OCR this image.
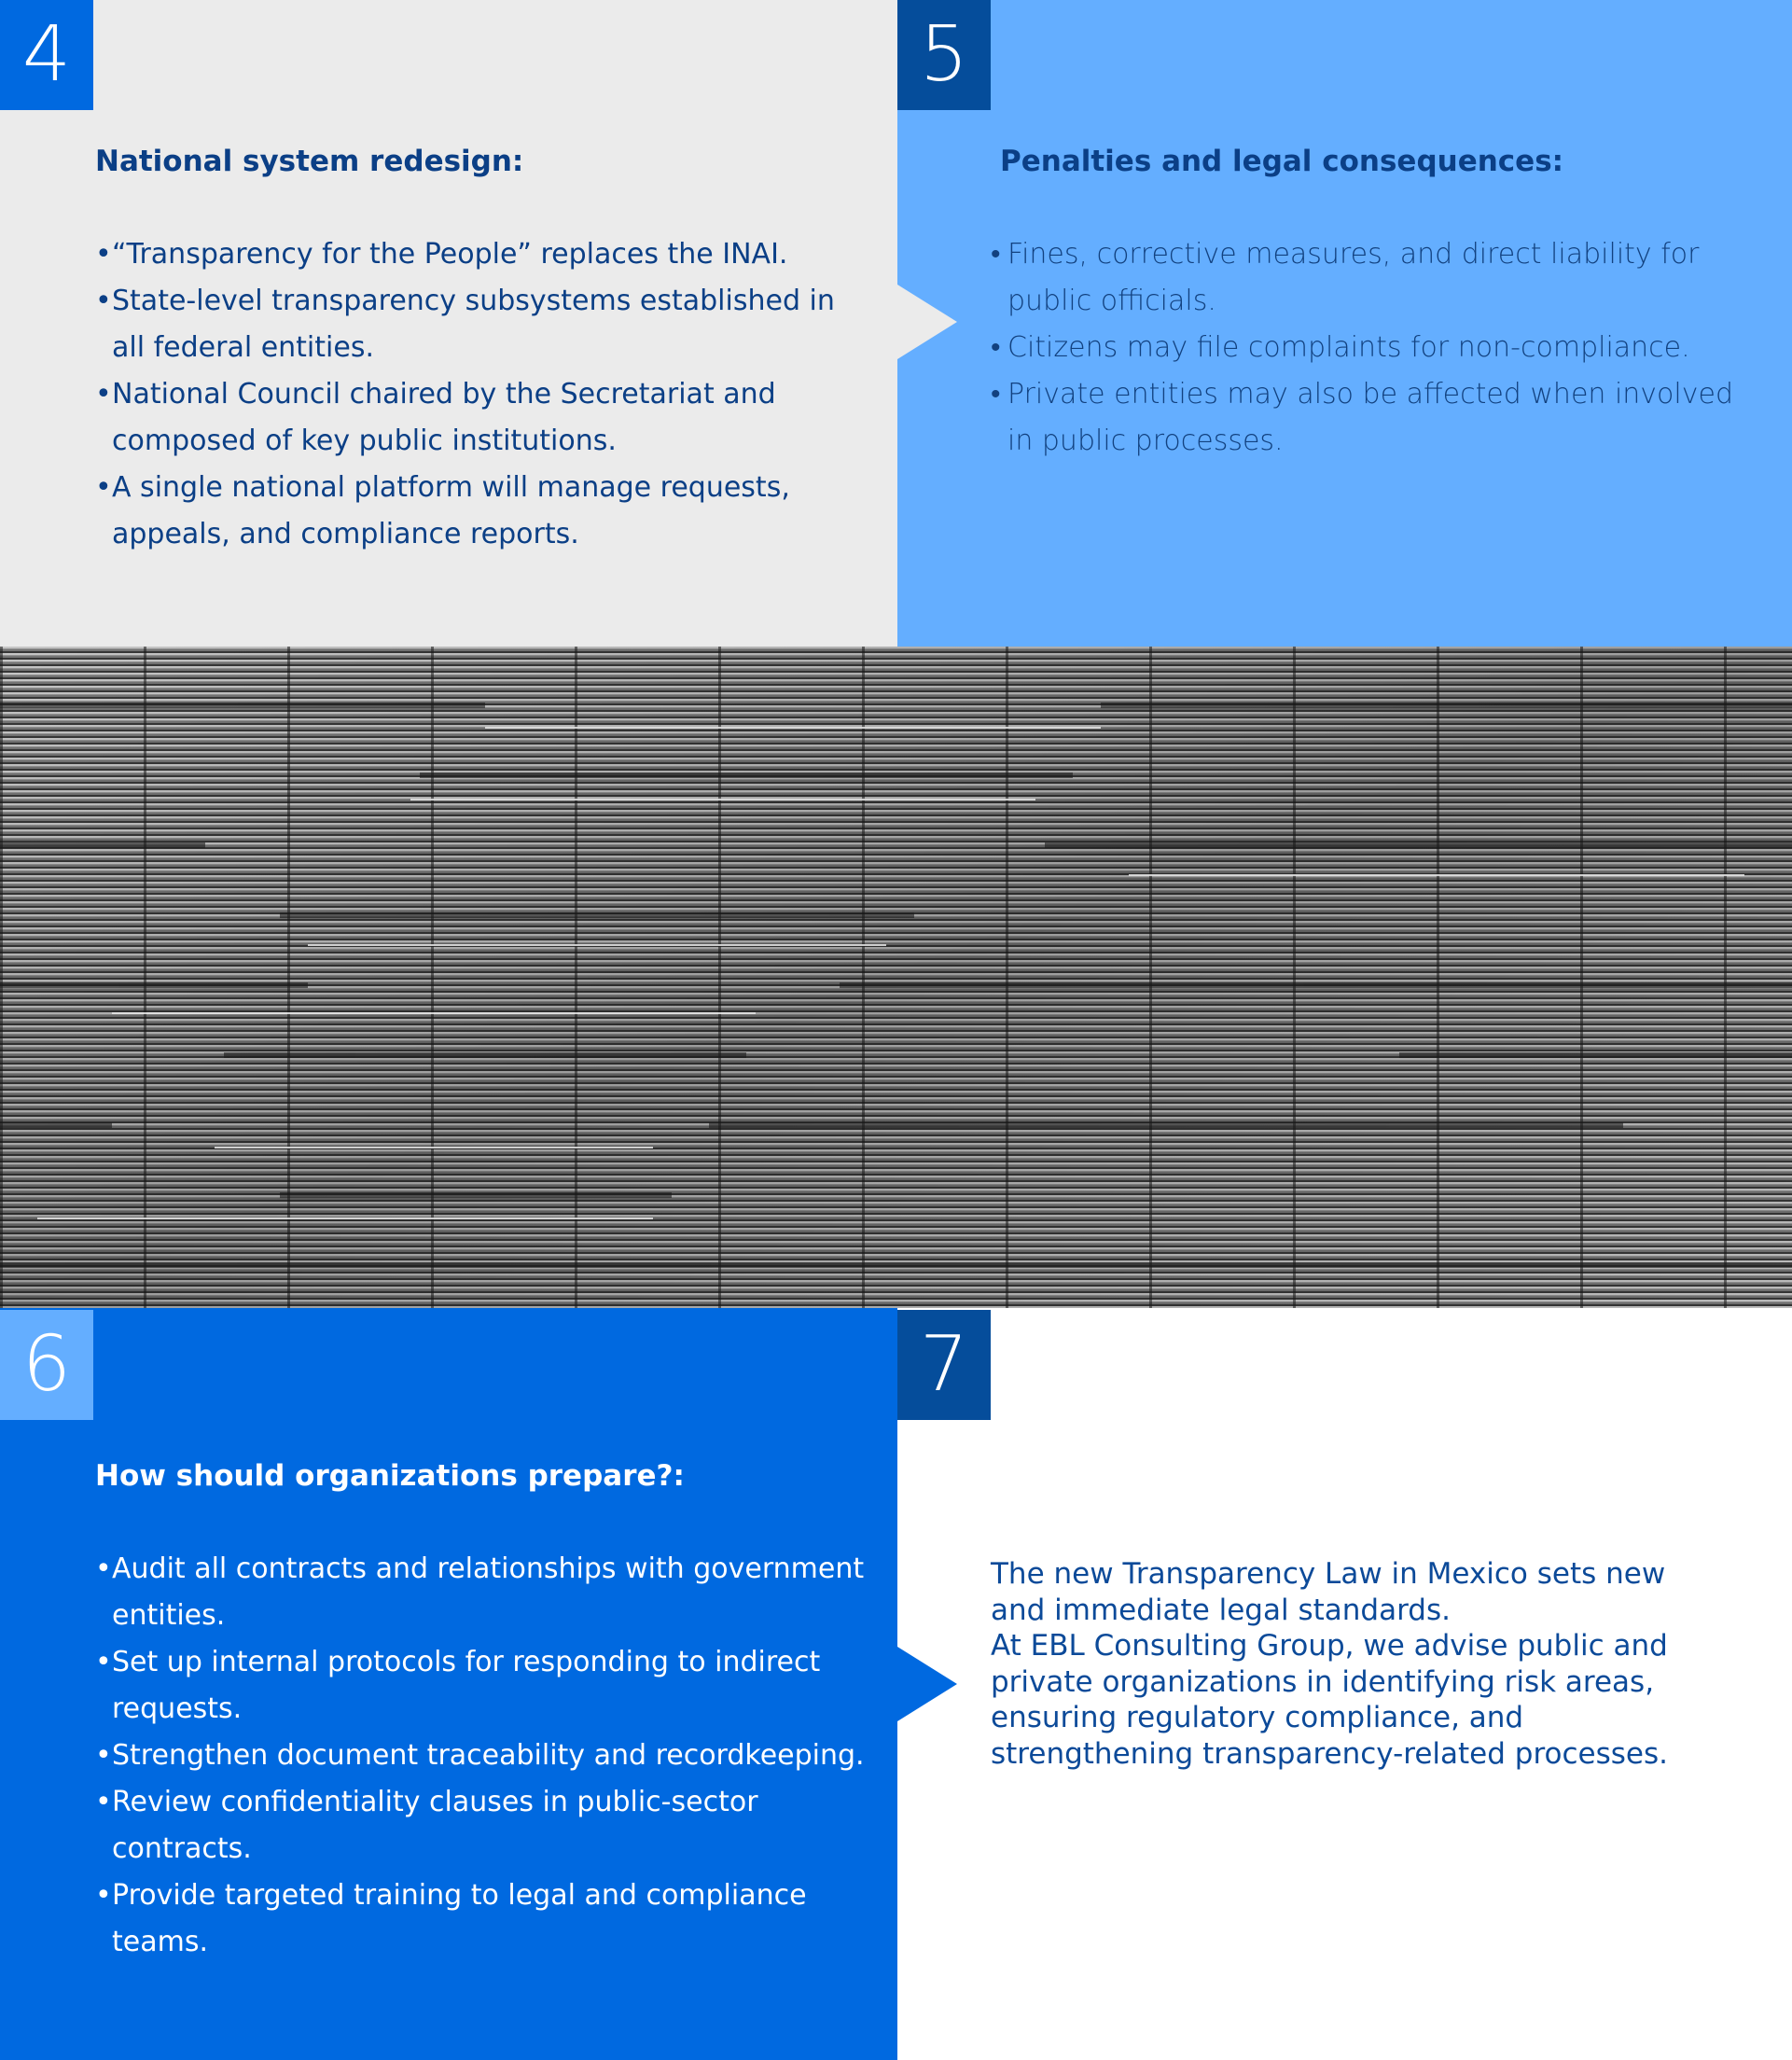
4
National system redesign:
• “Transparency for the People” replaces the INAI.
• State-level transparency subsystems established in all federal entities.
• National Council chaired by the Secretariat and composed of key public institutions.
• A single national platform will manage requests, appeals, and compliance reports.
5
Penalties and legal consequences:
• Fines, corrective measures, and direct liability for public officials.
• Citizens may file complaints for non-compliance.
• Private entities may also be affected when involved in public processes.
6
How should organizations prepare?:
• Audit all contracts and relationships with government entities.
• Set up internal protocols for responding to indirect requests.
• Strengthen document traceability and recordkeeping.
• Review confidentiality clauses in public-sector contracts.
• Provide targeted training to legal and compliance teams.
7

The new Transparency Law in Mexico sets new and immediate legal standards.
At EBL Consulting Group, we advise public and private organizations in identifying risk areas, ensuring regulatory compliance, and strengthening transparency-related processes.
